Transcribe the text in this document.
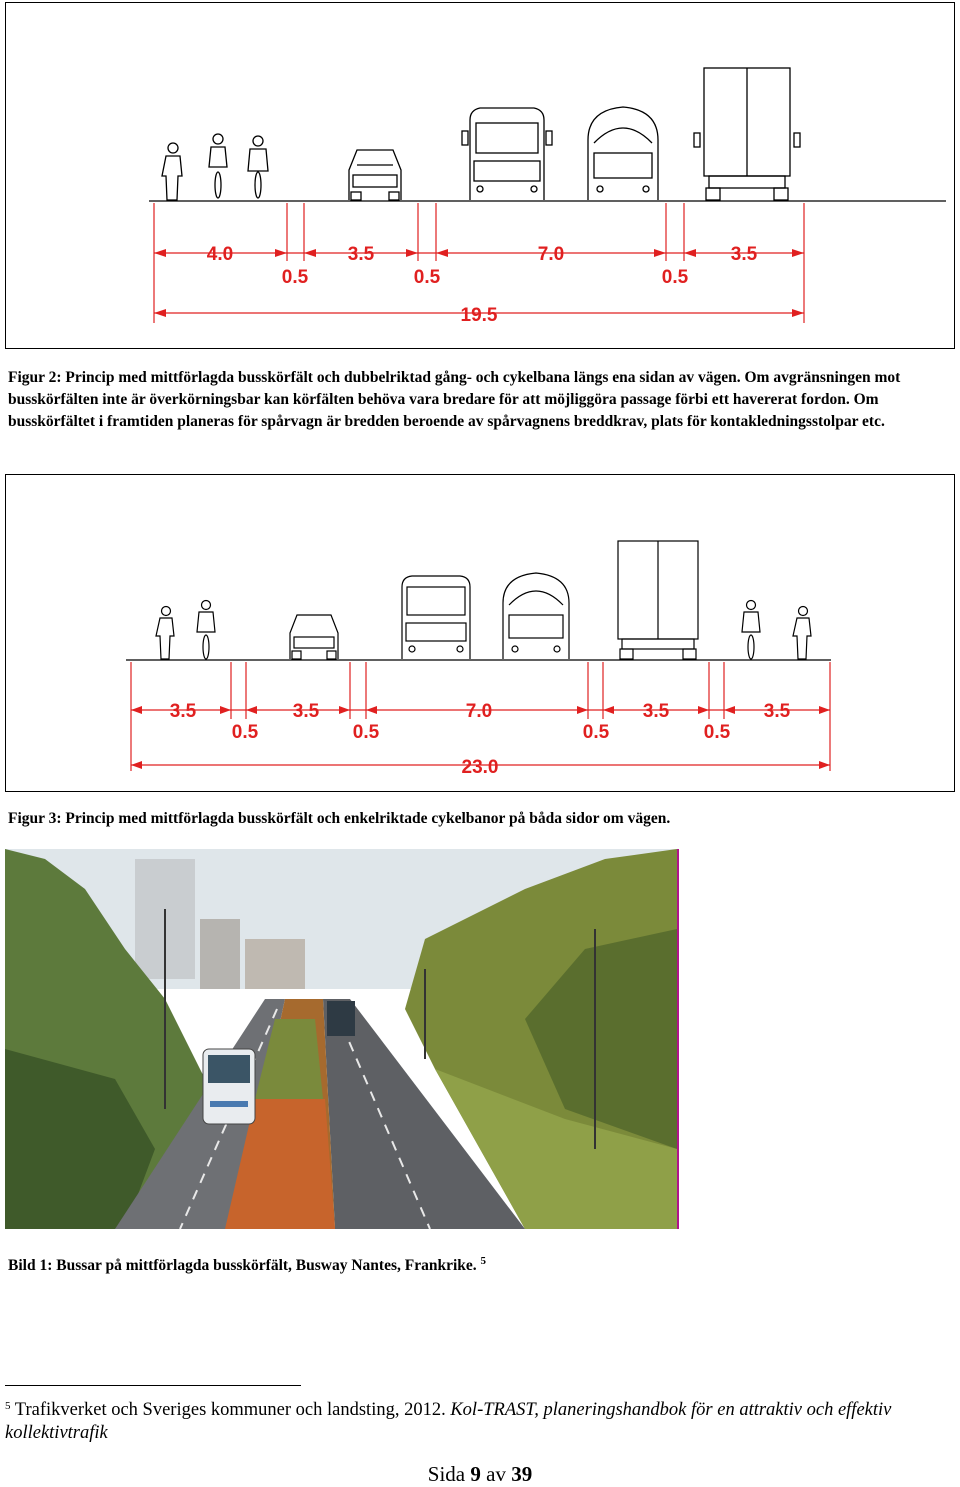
4.0	3.5	7.0	3.5
0.5	0.5	0.5
19.5

Figur 2: Princip med mittförlagda busskörfält och dubbelriktad gång- och cykelbana längs ena sidan av vägen. Om avgränsningen mot busskörfälten inte är överkörningsbar kan körfälten behöva vara bredare för att möjliggöra passage förbi ett havererat fordon. Om busskörfältet i framtiden planeras för spårvagn är bredden beroende av spårvagnens breddkrav, plats för kontakledningsstolpar etc.

3.5	3.5	7.0	3.5	3.5
0.5	0.5	0.5	0.5
23.0

Figur 3: Princip med mittförlagda busskörfält och enkelriktade cykelbanor på båda sidor om vägen.

Bild 1: Bussar på mittförlagda busskörfält, Busway Nantes, Frankrike. $^5$

$^5$ Trafikverket och Sveriges kommuner och landsting, 2012. Kol-TRAST, planeringshandbok för en attraktiv och effektiv kollektivtrafik

Sida 9 av 39
